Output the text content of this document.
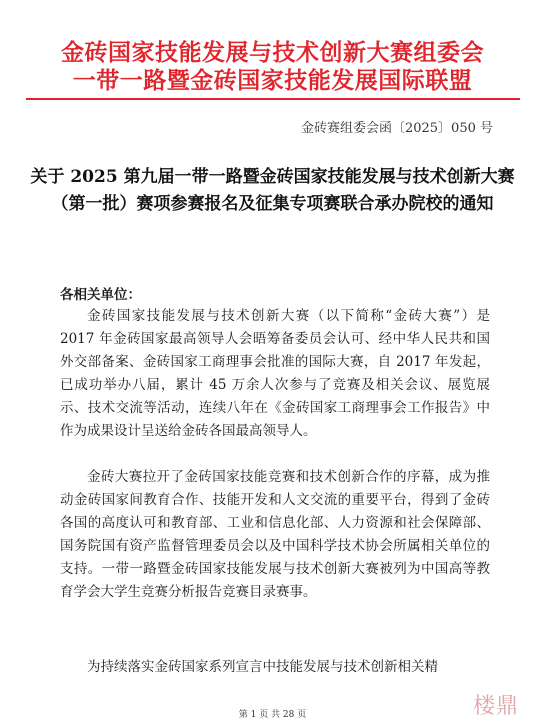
金砖国家技能发展与技术创新大赛组委会
一带一路暨金砖国家技能发展国际联盟
金砖赛组委会函〔2025〕050 号
关于 2025 第九届一带一路暨金砖国家技能发展与技术创新大赛（第一批）赛项参赛报名及征集专项赛联合承办院校的通知
各相关单位：
金砖国家技能发展与技术创新大赛（以下简称“金砖大赛”）是 2017 年金砖国家最高领导人会晤筹备委员会认可、经中华人民共和国外交部备案、金砖国家工商理事会批准的国际大赛，自 2017 年发起，已成功举办八届，累计 45 万余人次参与了竞赛及相关会议、展览展示、技术交流等活动，连续八年在《金砖国家工商理事会工作报告》中作为成果设计呈送给金砖各国最高领导人。
金砖大赛拉开了金砖国家技能竞赛和技术创新合作的序幕，成为推动金砖国家间教育合作、技能开发和人文交流的重要平台，得到了金砖各国的高度认可和教育部、工业和信息化部、人力资源和社会保障部、国务院国有资产监督管理委员会以及中国科学技术协会所属相关单位的支持。一带一路暨金砖国家技能发展与技术创新大赛被列为中国高等教育学会大学生竞赛分析报告竞赛目录赛事。
为持续落实金砖国家系列宣言中技能发展与技术创新相关精
第 1 页 共 28 页	楼鼎
